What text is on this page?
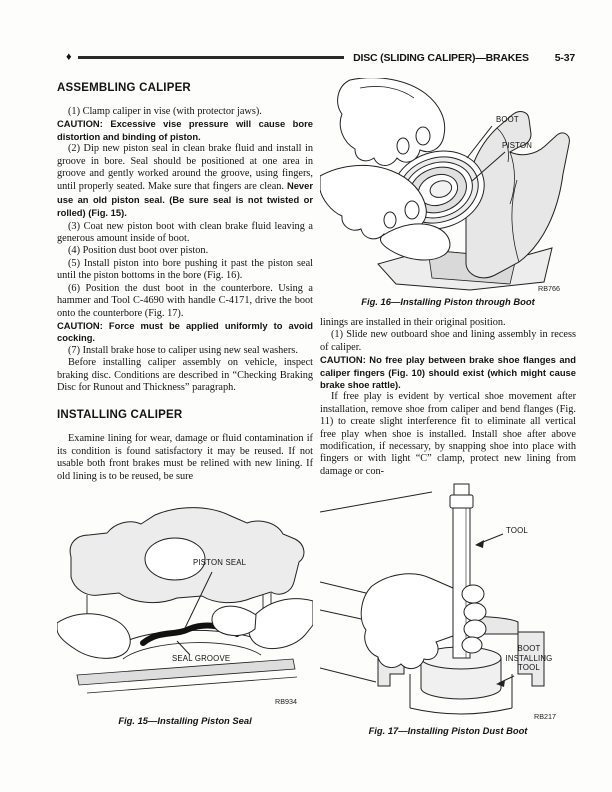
♦	DISC (SLIDING CALIPER)—BRAKES 5-37
ASSEMBLING CALIPER

(1) Clamp caliper in vise (with protector jaws).

CAUTION: Excessive vise pressure will cause bore distortion and binding of piston.

(2) Dip new piston seal in clean brake fluid and install in groove in bore. Seal should be positioned at one area in groove and gently worked around the groove, using fingers, until properly seated. Make sure that fingers are clean. Never use an old piston seal. (Be sure seal is not twisted or rolled) (Fig. 15).

(3) Coat new piston boot with clean brake fluid leaving a generous amount inside of boot.

(4) Position dust boot over piston.

(5) Install piston into bore pushing it past the piston seal until the piston bottoms in the bore (Fig. 16).

(6) Position the dust boot in the counterbore. Using a hammer and Tool C-4690 with handle C-4171, drive the boot onto the counterbore (Fig. 17).

CAUTION: Force must be applied uniformly to avoid cocking.

(7) Install brake hose to caliper using new seal washers.

Before installing caliper assembly on vehicle, inspect braking disc. Conditions are described in “Checking Braking Disc for Runout and Thickness” paragraph.

INSTALLING CALIPER

Examine lining for wear, damage or fluid contamination if its condition is found satisfactory it may be reused. If not usable both front brakes must be relined with new lining. If old lining is to be reused, be sure

BOOT
PISTON
RB766
Fig. 16—Installing Piston through Boot

linings are installed in their original position.

(1) Slide new outboard shoe and lining assembly in recess of caliper.

CAUTION: No free play between brake shoe flanges and caliper fingers (Fig. 10) should exist (which might cause brake shoe rattle).

If free play is evident by vertical shoe movement after installation, remove shoe from caliper and bend flanges (Fig. 11) to create slight interference fit to eliminate all vertical free play when shoe is installed. Install shoe after above modification, if necessary, by snapping shoe into place with fingers or with light “C” clamp, protect new lining from damage or con-

PISTON SEAL
SEAL GROOVE
RB934
Fig. 15—Installing Piston Seal
TOOL
BOOT
INSTALLING
TOOL
RB217
Fig. 17—Installing Piston Dust Boot
